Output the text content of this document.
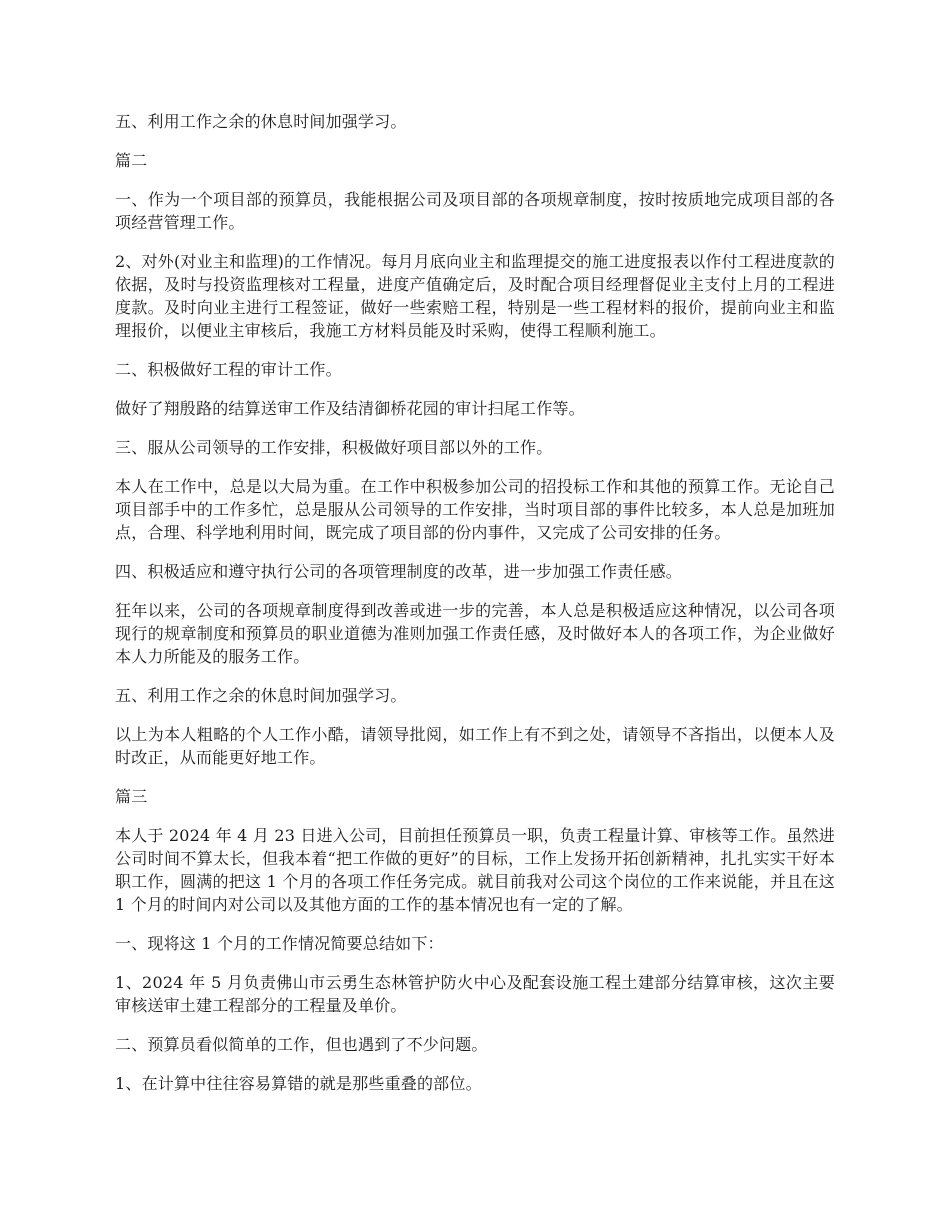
五、利用工作之余的休息时间加强学习。

篇二

一、作为一个项目部的预算员，我能根据公司及项目部的各项规章制度，按时按质地完成项目部的各项经营管理工作。

2、对外(对业主和监理)的工作情况。每月月底向业主和监理提交的施工进度报表以作付工程进度款的依据，及时与投资监理核对工程量，进度产值确定后，及时配合项目经理督促业主支付上月的工程进度款。及时向业主进行工程签证，做好一些索赔工程，特别是一些工程材料的报价，提前向业主和监理报价，以便业主审核后，我施工方材料员能及时采购，使得工程顺利施工。

二、积极做好工程的审计工作。

做好了翔殷路的结算送审工作及结清御桥花园的审计扫尾工作等。

三、服从公司领导的工作安排，积极做好项目部以外的工作。

本人在工作中，总是以大局为重。在工作中积极参加公司的招投标工作和其他的预算工作。无论自己项目部手中的工作多忙，总是服从公司领导的工作安排，当时项目部的事件比较多，本人总是加班加点，合理、科学地利用时间，既完成了项目部的份内事件，又完成了公司安排的任务。

四、积极适应和遵守执行公司的各项管理制度的改革，进一步加强工作责任感。

狂年以来，公司的各项规章制度得到改善或进一步的完善，本人总是积极适应这种情况，以公司各项现行的规章制度和预算员的职业道德为准则加强工作责任感，及时做好本人的各项工作，为企业做好本人力所能及的服务工作。

五、利用工作之余的休息时间加强学习。

以上为本人粗略的个人工作小酷，请领导批阅，如工作上有不到之处，请领导不吝指出，以便本人及时改正，从而能更好地工作。

篇三

本人于 2024 年 4 月 23 日进入公司，目前担任预算员一职，负责工程量计算、审核等工作。虽然进公司时间不算太长，但我本着“把工作做的更好”的目标，工作上发扬开拓创新精神，扎扎实实干好本职工作，圆满的把这 1 个月的各项工作任务完成。就目前我对公司这个岗位的工作来说能，并且在这 1 个月的时间内对公司以及其他方面的工作的基本情况也有一定的了解。

一、现将这 1 个月的工作情况简要总结如下：

1、2024 年 5 月负责佛山市云勇生态林管护防火中心及配套设施工程土建部分结算审核，这次主要审核送审土建工程部分的工程量及单价。

二、预算员看似简单的工作，但也遇到了不少问题。

1、在计算中往往容易算错的就是那些重叠的部位。
